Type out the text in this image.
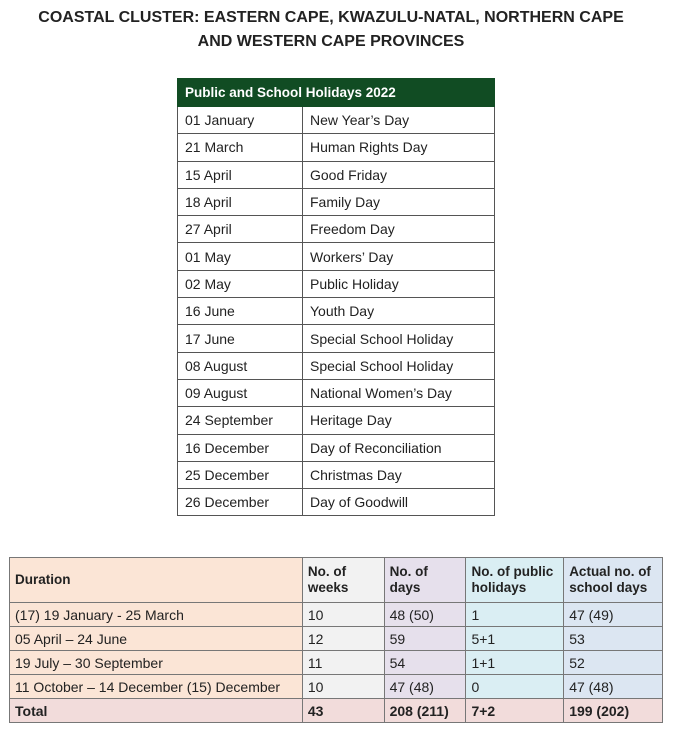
COASTAL CLUSTER: EASTERN CAPE, KWAZULU-NATAL, NORTHERN CAPE
AND WESTERN CAPE PROVINCES
Public and School Holidays 2022	
01 January	New Year’s Day
21 March	Human Rights Day
15 April	Good Friday
18 April	Family Day
27 April	Freedom Day
01 May	Workers’ Day
02 May	Public Holiday
16 June	Youth Day
17 June	Special School Holiday
08 August	Special School Holiday
09 August	National Women’s Day
24 September	Heritage Day
16 December	Day of Reconciliation
25 December	Christmas Day
26 December	Day of Goodwill
Duration	No. of weeks	No. of days	No. of public holidays	Actual no. of school days
(17) 19 January - 25 March	10	48 (50)	1	47 (49)
05 April – 24 June	12	59	5+1	53
19 July – 30 September	11	54	1+1	52
11 October – 14 December (15) December	10	47 (48)	0	47 (48)
Total	43	208 (211)	7+2	199 (202)
